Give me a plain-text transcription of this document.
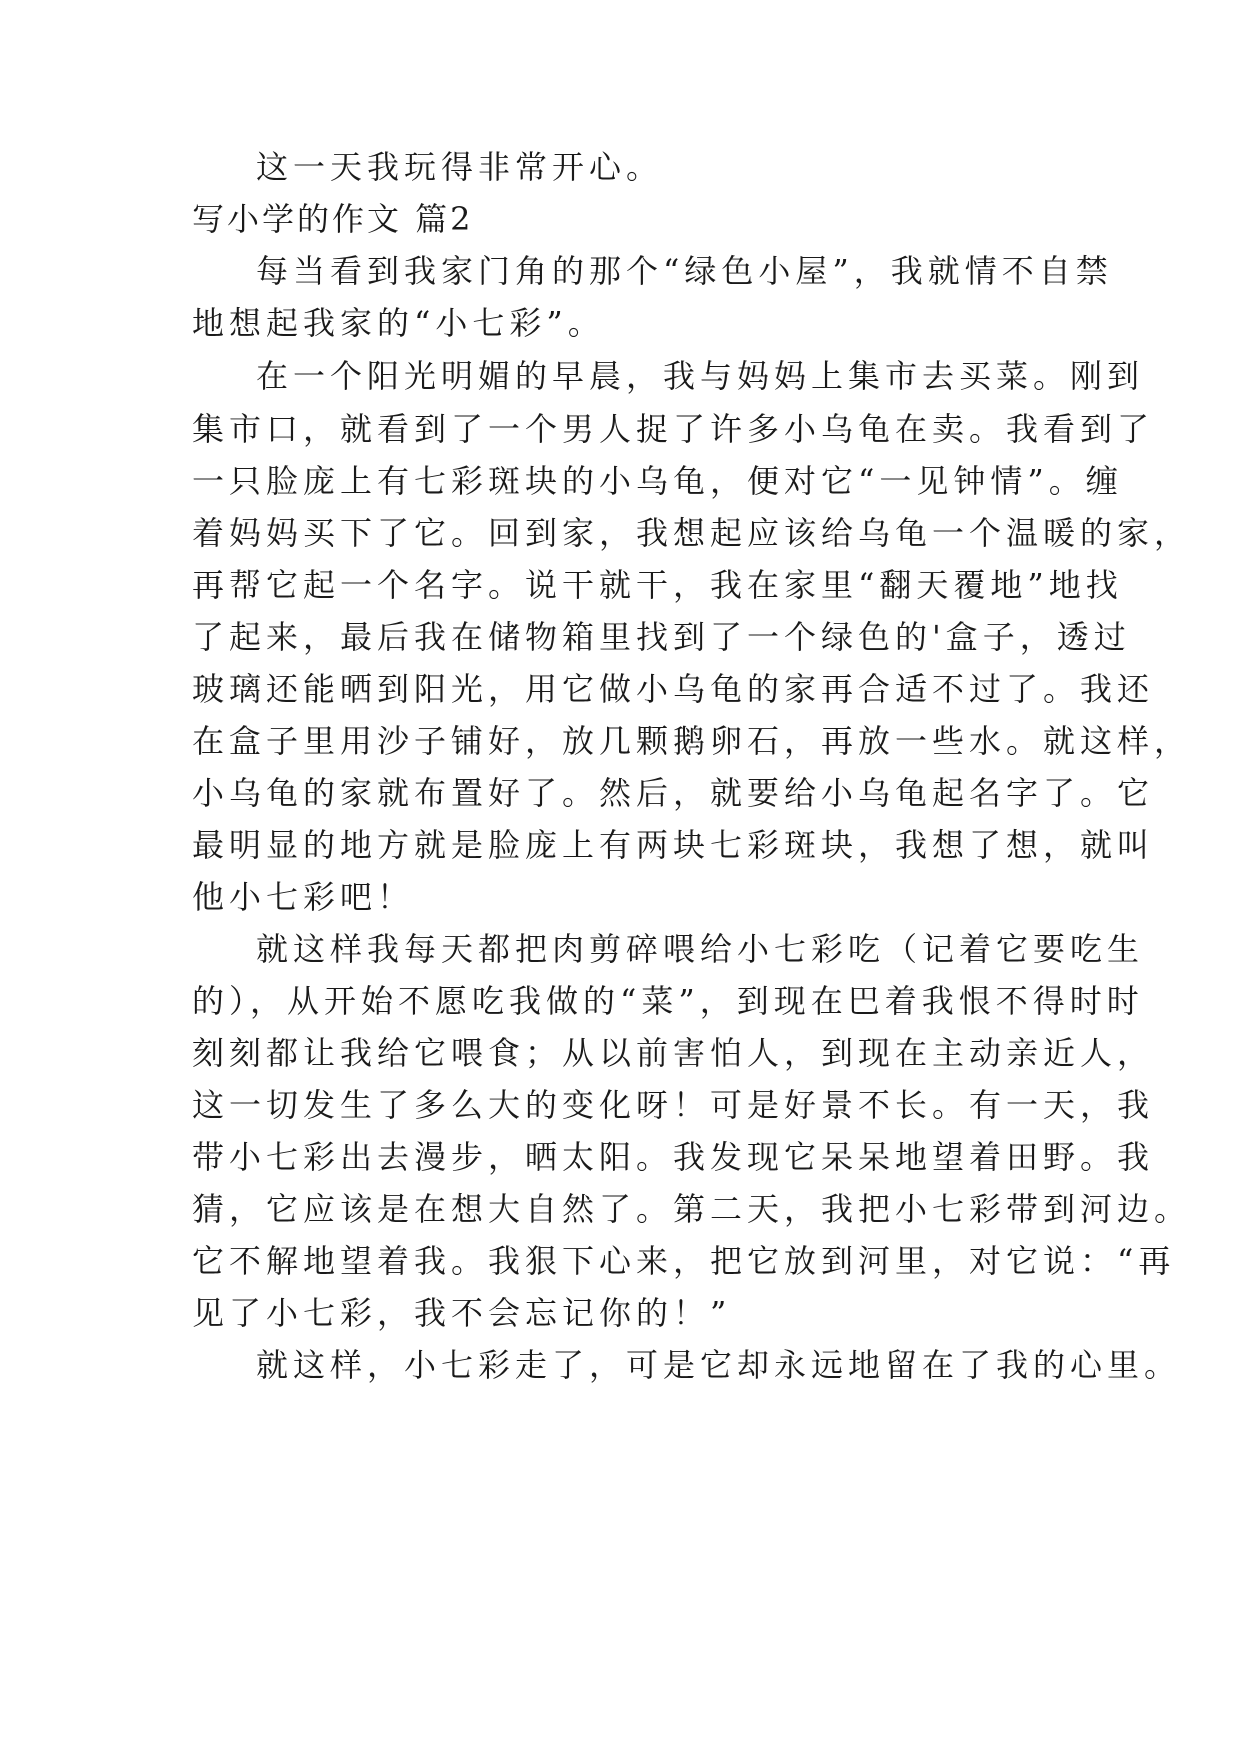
这一天我玩得非常开心。
写小学的作文 篇2
每当看到我家门角的那个“绿色小屋”，我就情不自禁
地想起我家的“小七彩”。
在一个阳光明媚的早晨，我与妈妈上集市去买菜。刚到
集市口，就看到了一个男人捉了许多小乌龟在卖。我看到了
一只脸庞上有七彩斑块的小乌龟，便对它“一见钟情”。缠
着妈妈买下了它。回到家，我想起应该给乌龟一个温暖的家，
再帮它起一个名字。说干就干，我在家里“翻天覆地”地找
了起来，最后我在储物箱里找到了一个绿色的'盒子，透过
玻璃还能晒到阳光，用它做小乌龟的家再合适不过了。我还
在盒子里用沙子铺好，放几颗鹅卵石，再放一些水。就这样，
小乌龟的家就布置好了。然后，就要给小乌龟起名字了。它
最明显的地方就是脸庞上有两块七彩斑块，我想了想，就叫
他小七彩吧！
就这样我每天都把肉剪碎喂给小七彩吃（记着它要吃生
的），从开始不愿吃我做的“菜”，到现在巴着我恨不得时时
刻刻都让我给它喂食；从以前害怕人，到现在主动亲近人，
这一切发生了多么大的变化呀！可是好景不长。有一天，我
带小七彩出去漫步，晒太阳。我发现它呆呆地望着田野。我
猜，它应该是在想大自然了。第二天，我把小七彩带到河边。
它不解地望着我。我狠下心来，把它放到河里，对它说：“再
见了小七彩，我不会忘记你的！”
就这样，小七彩走了，可是它却永远地留在了我的心里。
